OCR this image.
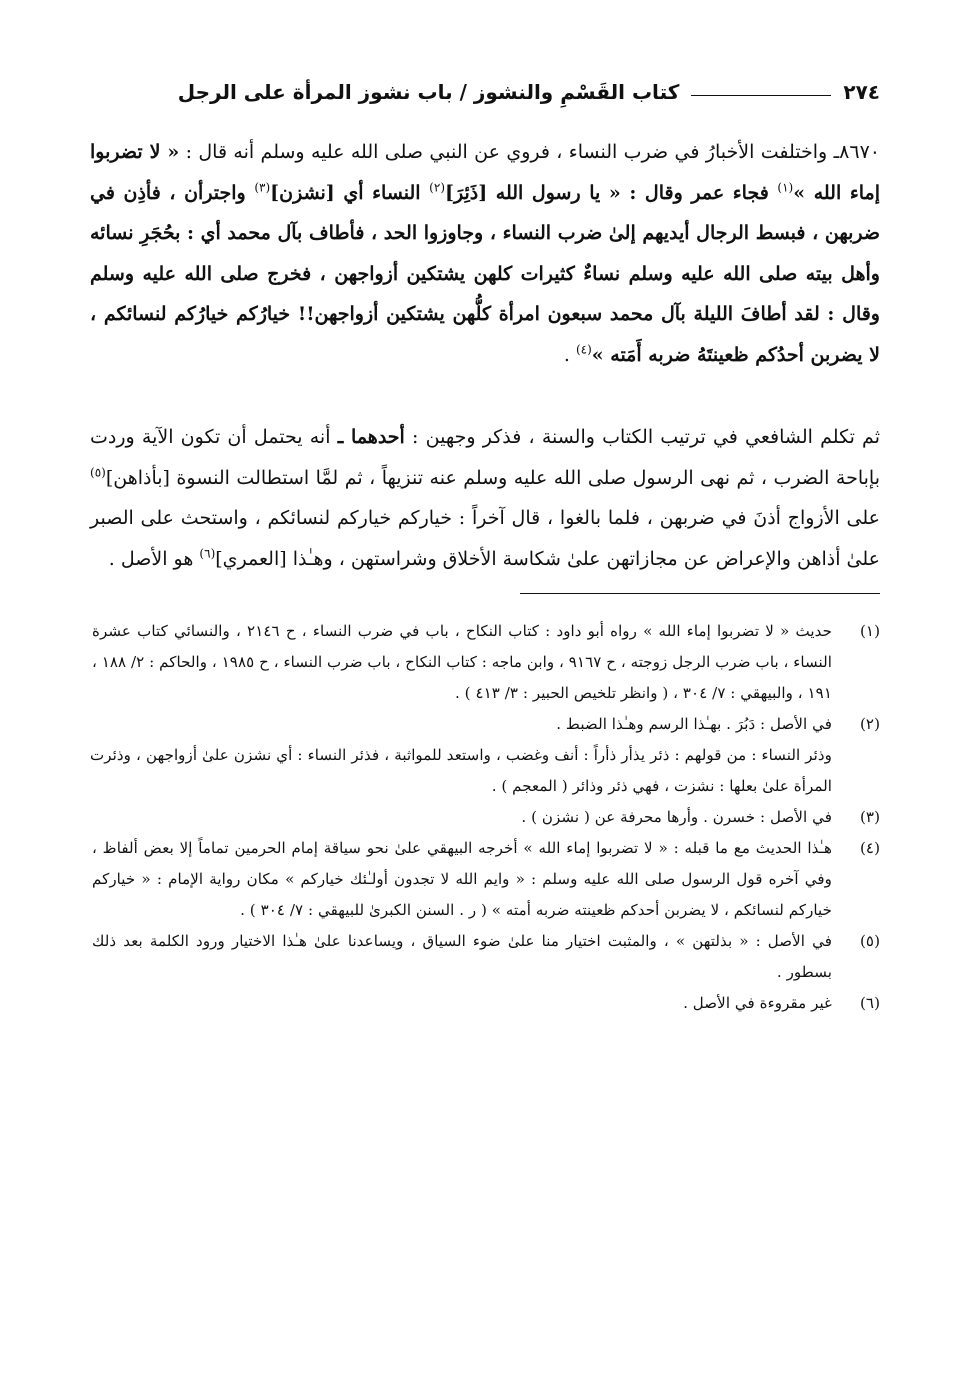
٢٧٤
كتاب القَسْمِ والنشوز / باب نشوز المرأة على الرجل

٨٦٧٠ـ واختلفت الأخبارُ في ضرب النساء ، فروي عن النبي صلى الله عليه وسلم أنه قال : « لا تضربوا إماء الله »$^{(١)}$ فجاء عمر وقال : « يا رسول الله [ذَئِرَ]$^{(٢)}$ النساء أي [نشزن]$^{(٣)}$ واجترأن ، فأذِن في ضربهن ، فبسط الرجال أيديهم إلىٰ ضرب النساء ، وجاوزوا الحد ، فأطاف بآل محمد أي : بحُجَرِ نسائه وأهل بيته صلى الله عليه وسلم نساءٌ كثيرات كلهن يشتكين أزواجهن ، فخرج صلى الله عليه وسلم وقال : لقد أطافَ الليلة بآل محمد سبعون امرأة كلُّهن يشتكين أزواجهن!! خيارُكم خيارُكم لنسائكم ، لا يضربن أحدُكم ظعينتَهُ ضربه أَمَته »$^{(٤)}$ .

ثم تكلم الشافعي في ترتيب الكتاب والسنة ، فذكر وجهين : أحدهما ـ أنه يحتمل أن تكون الآية وردت بإباحة الضرب ، ثم نهى الرسول صلى الله عليه وسلم عنه تنزيهاً ، ثم لمَّا استطالت النسوة [بأذاهن]$^{(٥)}$ على الأزواج أذنَ في ضربهن ، فلما بالغوا ، قال آخراً : خياركم خياركم لنسائكم ، واستحث على الصبر علىٰ أذاهن والإعراض عن مجازاتهن علىٰ شكاسة الأخلاق وشراستهن ، وهـٰذا [العمري]$^{(٦)}$ هو الأصل .

(١)

حديث « لا تضربوا إماء الله » رواه أبو داود : كتاب النكاح ، باب في ضرب النساء ، ح ٢١٤٦ ، والنسائي كتاب عشرة النساء ، باب ضرب الرجل زوجته ، ح ٩١٦٧ ، وابن ماجه : كتاب النكاح ، باب ضرب النساء ، ح ١٩٨٥ ، والحاكم : ٢/ ١٨٨ ، ١٩١ ، والبيهقي : ٧/ ٣٠٤ ، ( وانظر تلخيص الحبير : ٣/ ٤١٣ ) .

(٢)

في الأصل : دَبُرَ . بهـٰذا الرسم وهـٰذا الضبط .

وذئر النساء : من قولهم : ذئر يذأر ذأراً : أنف وغضب ، واستعد للمواثبة ، فذئر النساء : أي نشزن علىٰ أزواجهن ، وذئرت المرأة علىٰ بعلها : نشزت ، فهي ذئر وذائر ( المعجم ) .

(٣)

في الأصل : خسرن . وأرها محرفة عن ( نشزن ) .

(٤)

هـٰذا الحديث مع ما قبله : « لا تضربوا إماء الله » أخرجه البيهقي علىٰ نحو سياقة إمام الحرمين تماماً إلا بعض ألفاظ ، وفي آخره قول الرسول صلى الله عليه وسلم : « وايم الله لا تجدون أولـٰئك خياركم » مكان رواية الإمام : « خياركم خياركم لنسائكم ، لا يضربن أحدكم ظعينته ضربه أمته » ( ر . السنن الكبرىٰ للبيهقي : ٧/ ٣٠٤ ) .

(٥)

في الأصل : « بذلتهن » ، والمثبت اختيار منا علىٰ ضوء السياق ، ويساعدنا علىٰ هـٰذا الاختيار ورود الكلمة بعد ذلك بسطور .

(٦)

غير مقروءة في الأصل .
